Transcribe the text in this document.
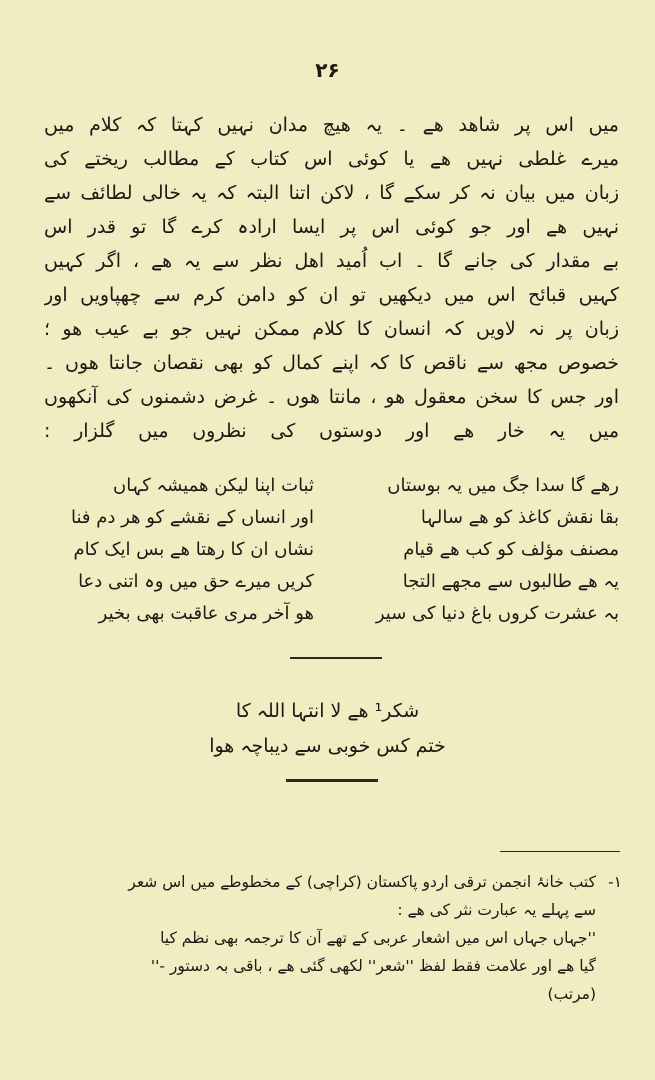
۲۶
میں اس پر شاهد هے ۔ یہ هیچ مدان نہیں کہتا کہ کلام میں
میرے غلطی نہیں هے یا کوئی اس کتاب کے مطالب ریختے کی
زبان میں بیان نہ کر سکے گا ، لاکن اتنا البتہ کہ یہ خالی لطائف سے
نہیں هے اور جو کوئی اس پر ایسا ارادہ کرے گا تو قدر اس
بے مقدار کی جانے گا ۔ اب اُمید اهل نظر سے یہ هے ، اگر کہیں
کہیں قبائح اس میں دیکھیں تو ان کو دامن کرم سے چھپاویں اور
زبان پر نہ لاویں کہ انسان کا کلام ممکن نہیں جو بے عیب هو ؛
خصوص مجھ سے ناقص کا کہ اپنے کمال کو بھی نقصان جانتا هوں ۔
اور جس کا سخن معقول هو ، مانتا هوں ۔ غرض دشمنوں کی آنکھوں
میں یہ خار هے اور دوستوں کی نظروں میں گلزار :
رهے گا سدا جگ میں یہ بوستاں
بقا نقش کاغذ کو هے سالہا
مصنف مؤلف کو کب هے قیام
یہ هے طالبوں سے مجھے التجا
بہ عشرت کروں باغ دنیا کی سیر
ثبات اپنا لیکن همیشہ کہاں
اور انساں کے نقشے کو هر دم فنا
نشاں ان کا رهتا هے بس ایک کام
کریں میرے حق میں وہ اتنی دعا
هو آخر مری عاقبت بھی بخیر
شکر¹ هے لا انتہا اللہ کا
ختم کس خوبی سے دیباچہ هوا
۱-
کتب خانۂ انجمن ترقی اردو پاکستان (کراچی) کے مخطوطے میں اس شعر
سے پہلے یہ عبارت نثر کی هے :
''جہاں جہاں اس میں اشعار عربی کے تھے آن کا ترجمہ بھی نظم کیا
گیا هے اور علامت فقط لفظ ''شعر'' لکھی گئی هے ، باقی بہ دستور -''
(مرتب)
